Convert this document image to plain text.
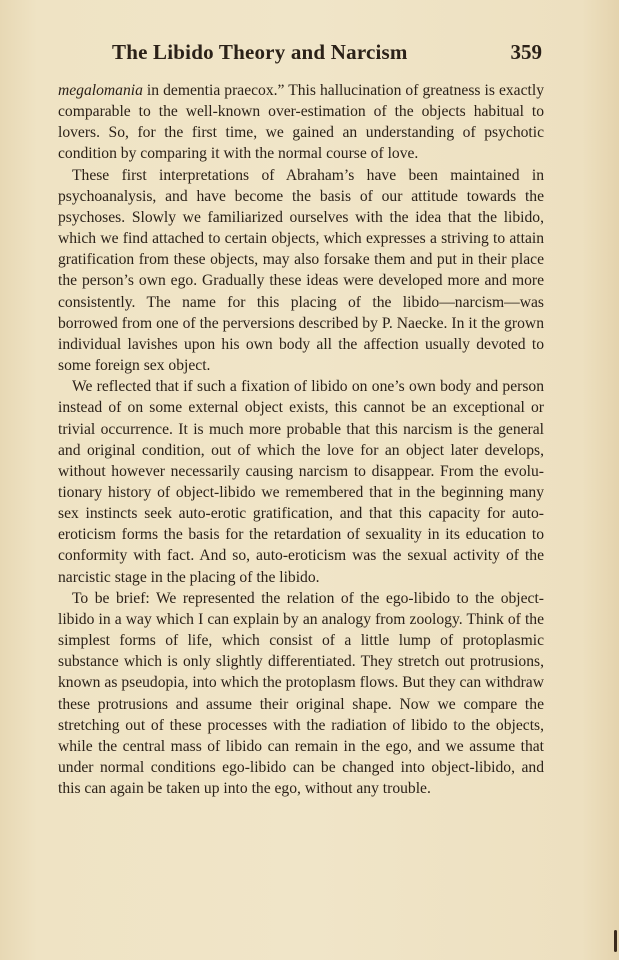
The Libido Theory and Narcism	359

megalomania in dementia praecox.” This hallucination of greatness is exactly comparable to the well-known over-estimation of the objects habitual to lovers. So, for the first time, we gained an understanding of psychotic condition by comparing it with the normal course of love.

These first interpretations of Abraham’s have been maintained in psychoanalysis, and have become the basis of our attitude towards the psychoses. Slowly we familiarized ourselves with the idea that the libido, which we find attached to certain objects, which expresses a striving to attain gratification from these objects, may also forsake them and put in their place the person’s own ego. Gradually these ideas were developed more and more consistently. The name for this placing of the libido—narcism—was borrowed from one of the perversions described by P. Naecke. In it the grown individual lavishes upon his own body all the affection usually devoted to some foreign sex object.

We reflected that if such a fixation of libido on one’s own body and person instead of on some external object exists, this cannot be an exceptional or trivial occurrence. It is much more probable that this narcism is the general and original condition, out of which the love for an object later develops, without however necessarily causing narcism to disappear. From the evolutionary history of object-libido we remembered that in the beginning many sex instincts seek auto-erotic gratification, and that this capacity for auto-eroticism forms the basis for the retardation of sexuality in its education to conformity with fact. And so, auto-eroticism was the sexual activity of the narcistic stage in the placing of the libido.

To be brief: We represented the relation of the ego-libido to the object-libido in a way which I can explain by an analogy from zoology. Think of the simplest forms of life, which consist of a little lump of protoplasmic substance which is only slightly differentiated. They stretch out protrusions, known as pseudopia, into which the protoplasm flows. But they can withdraw these protrusions and assume their original shape. Now we compare the stretching out of these processes with the radiation of libido to the objects, while the central mass of libido can remain in the ego, and we assume that under normal conditions ego-libido can be changed into object-libido, and this can again be taken up into the ego, without any trouble.
